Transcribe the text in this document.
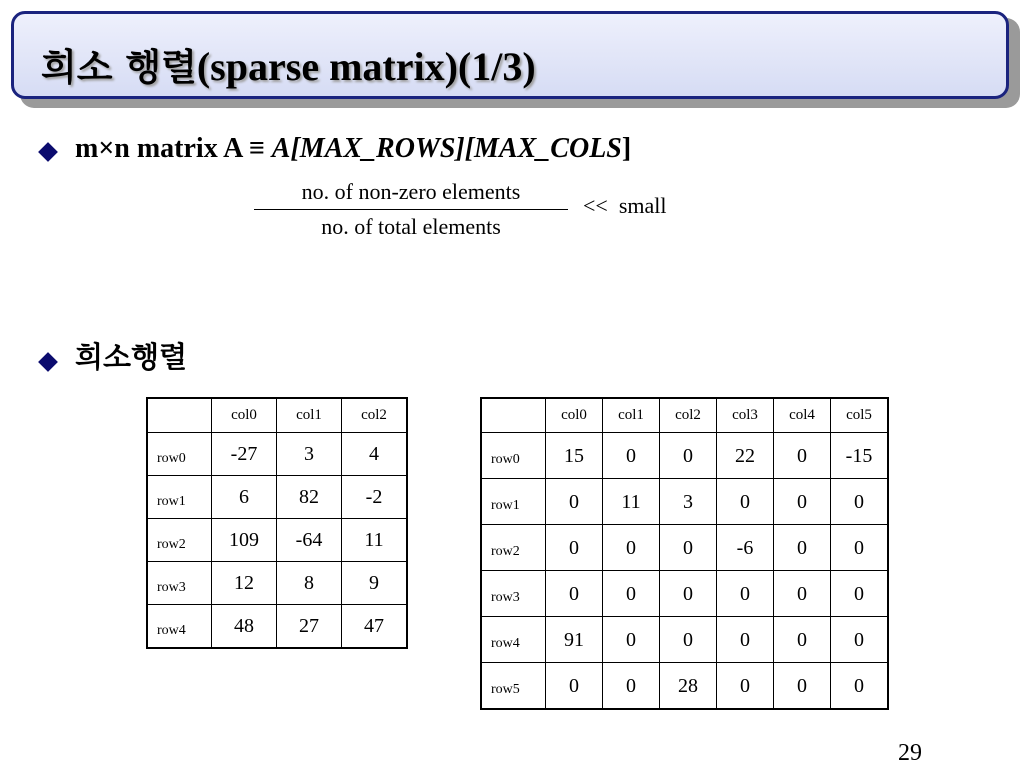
희소 행렬(sparse matrix)(1/3)
m×n matrix A ≡ A[MAX_ROWS][MAX_COLS]
no. of non-zero elements
no. of total elements
<<  small
희소행렬
	col0	col1	col2
row0	-27	3	4
row1	6	82	-2
row2	109	-64	11
row3	12	8	9
row4	48	27	47
	col0	col1	col2	col3	col4	col5
row0	15	0	0	22	0	-15
row1	0	11	3	0	0	0
row2	0	0	0	-6	0	0
row3	0	0	0	0	0	0
row4	91	0	0	0	0	0
row5	0	0	28	0	0	0
29
